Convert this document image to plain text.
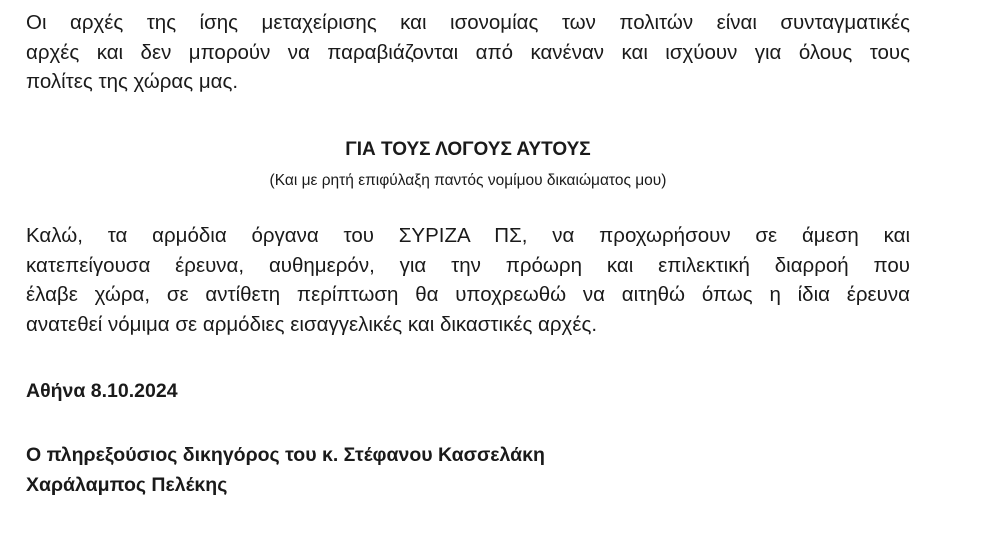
Οι αρχές της ίσης μεταχείρισης και ισονομίας των πολιτών είναι συνταγματικές
αρχές και δεν μπορούν να παραβιάζονται από κανέναν και ισχύουν για όλους τους
πολίτες της χώρας μας.

ΓΙΑ ΤΟΥΣ ΛΟΓΟΥΣ ΑΥΤΟΥΣ

(Και με ρητή επιφύλαξη παντός νομίμου δικαιώματος μου)

Καλώ, τα αρμόδια όργανα του ΣΥΡΙΖΑ ΠΣ, να προχωρήσουν σε άμεση και
κατεπείγουσα έρευνα, αυθημερόν, για την πρόωρη και επιλεκτική διαρροή που
έλαβε χώρα, σε αντίθετη περίπτωση θα υποχρεωθώ να αιτηθώ όπως η ίδια έρευνα
ανατεθεί νόμιμα σε αρμόδιες εισαγγελικές και δικαστικές αρχές.
Αθήνα 8.10.2024
Ο πληρεξούσιος δικηγόρος του κ. Στέφανου Κασσελάκη
Χαράλαμπος Πελέκης
